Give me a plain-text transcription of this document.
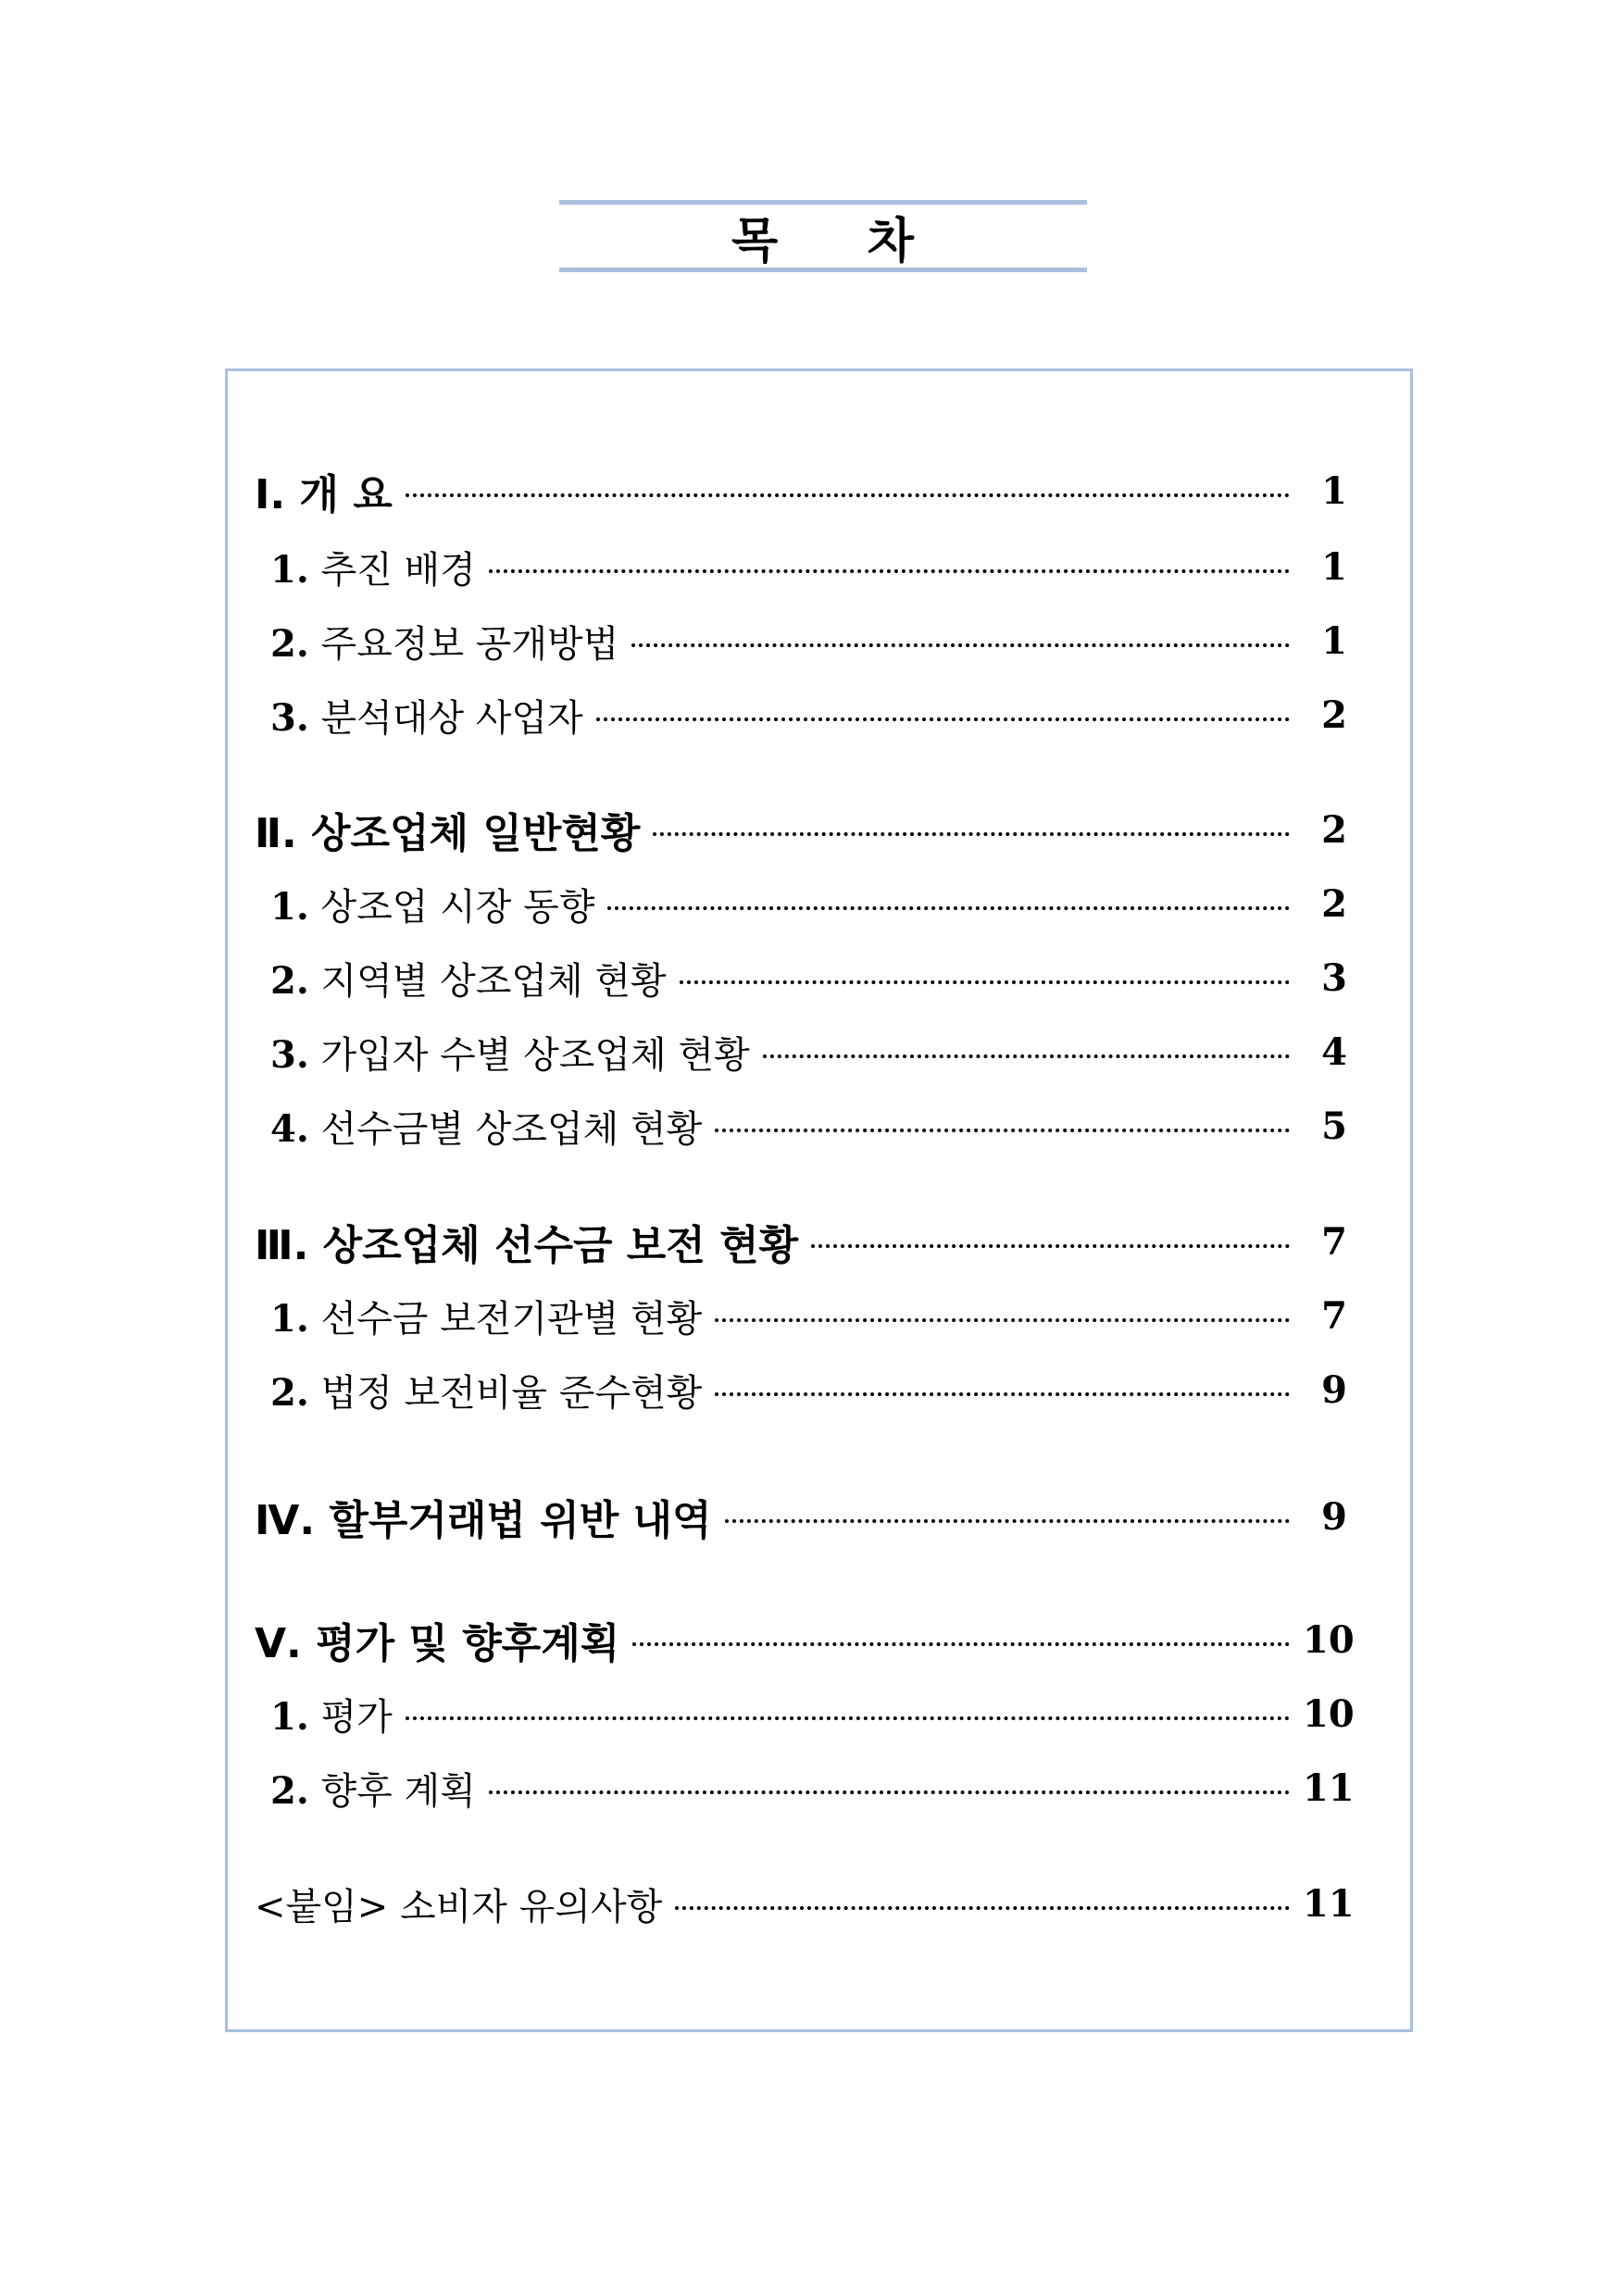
목     차
Ⅰ. 개 요	1
1. 추진 배경	1
2. 주요정보 공개방법	1
3. 분석대상 사업자	2
Ⅱ. 상조업체 일반현황	2
1. 상조업 시장 동향	2
2. 지역별 상조업체 현황	3
3. 가입자 수별 상조업체 현황	4
4. 선수금별 상조업체 현황	5
Ⅲ. 상조업체 선수금 보전 현황	7
1. 선수금 보전기관별 현황	7
2. 법정 보전비율 준수현황	9
Ⅳ. 할부거래법 위반 내역	9
Ⅴ. 평가 및 향후계획	10
1. 평가	10
2. 향후 계획	11
<붙임> 소비자 유의사항	11
